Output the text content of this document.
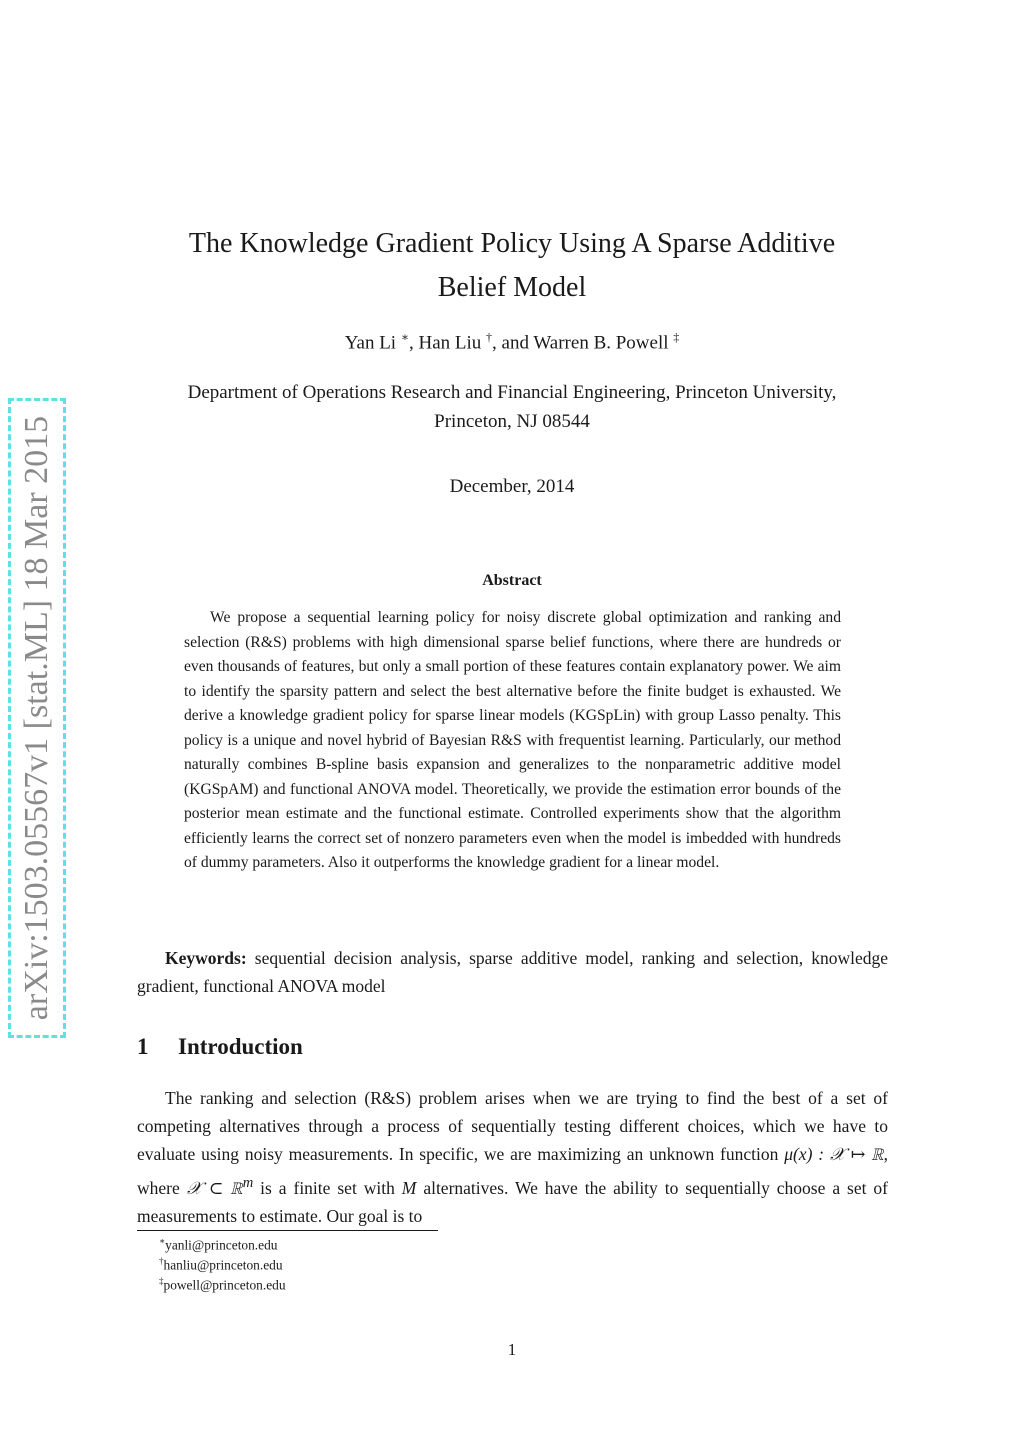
arXiv:1503.05567v1 [stat.ML] 18 Mar 2015
The Knowledge Gradient Policy Using A Sparse Additive
Belief Model
Yan Li ∗, Han Liu †, and Warren B. Powell ‡
Department of Operations Research and Financial Engineering, Princeton University,
Princeton, NJ 08544
December, 2014
Abstract
We propose a sequential learning policy for noisy discrete global optimization and ranking and selection (R&S) problems with high dimensional sparse belief functions, where there are hundreds or even thousands of features, but only a small portion of these features contain explanatory power. We aim to identify the sparsity pattern and select the best alternative before the finite budget is exhausted. We derive a knowledge gradient policy for sparse linear models (KGSpLin) with group Lasso penalty. This policy is a unique and novel hybrid of Bayesian R&S with frequentist learning. Particularly, our method naturally combines B-spline basis expansion and generalizes to the nonparametric additive model (KGSpAM) and functional ANOVA model. Theoretically, we provide the estimation error bounds of the posterior mean estimate and the functional estimate. Controlled experiments show that the algorithm efficiently learns the correct set of nonzero parameters even when the model is imbedded with hundreds of dummy parameters. Also it outperforms the knowledge gradient for a linear model.
Keywords: sequential decision analysis, sparse additive model, ranking and selection, knowledge gradient, functional ANOVA model
1 Introduction
The ranking and selection (R&S) problem arises when we are trying to find the best of a set of competing alternatives through a process of sequentially testing different choices, which we have to evaluate using noisy measurements. In specific, we are maximizing an unknown function μ(x) : 𝒳 ↦ ℝ, where 𝒳 ⊂ ℝ$^m$ is a finite set with M alternatives. We have the ability to sequentially choose a set of measurements to estimate. Our goal is to
∗yanli@princeton.edu
†hanliu@princeton.edu
‡powell@princeton.edu
1
